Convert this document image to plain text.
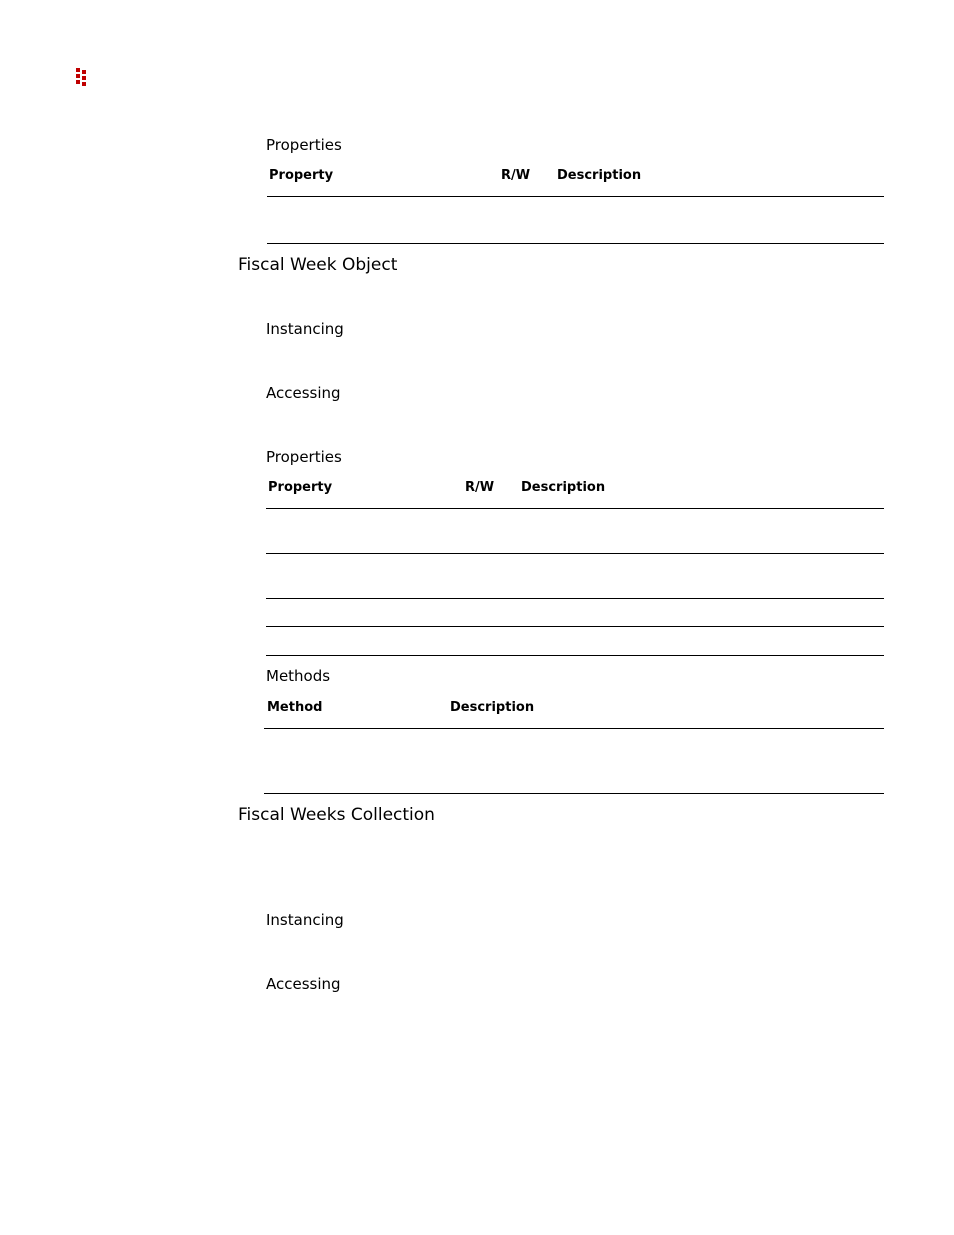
Properties
Property	R/W Description
Fiscal Week Object
Instancing
Accessing
Properties
Property	R/W Description
Methods
Method	Description
Fiscal Weeks Collection
Instancing
Accessing
